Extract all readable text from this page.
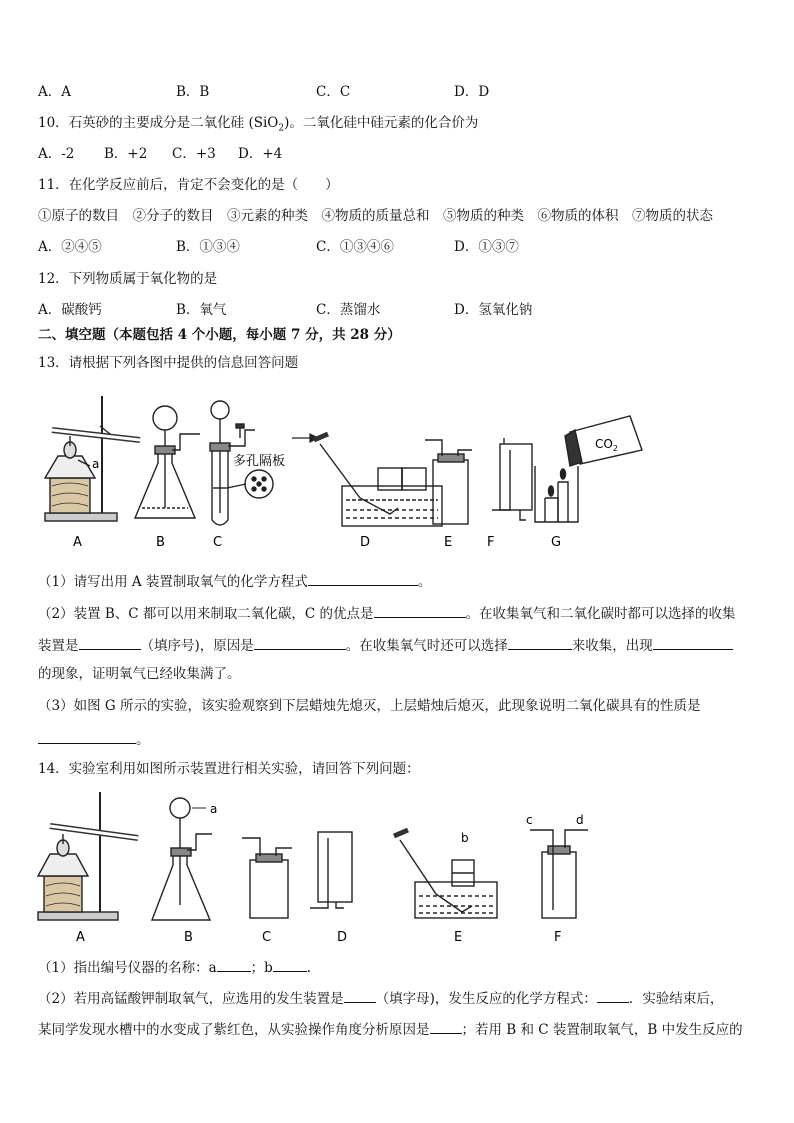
A．A	B．B	C．C	D．D
10．石英砂的主要成分是二氧化硅 (SiO$_2$)。二氧化硅中硅元素的化合价为
A．-2 B．+2 C．+3 D．+4
11．在化学反应前后，肯定不会变化的是（　　）
①原子的数目　②分子的数目　③元素的种类　④物质的质量总和　⑤物质的种类　⑥物质的体积　⑦物质的状态
A．②④⑤	B．①③④	C．①③④⑥	D．①③⑦
12．下列物质属于氧化物的是
A．碳酸钙	B．氧气	C．蒸馏水	D．氢氧化钠
二、填空题（本题包括 4 个小题，每小题 7 分，共 28 分）
13．请根据下列各图中提供的信息回答问题
a	多孔隔板
$CO_2$
A	B	C	D	E	F	G
（1）请写出用 A 装置制取氧气的化学方程式	。
（2）装置 B、C 都可以用来制取二氧化碳，C 的优点是	。在收集氧气和二氧化碳时都可以选择的收集
装置是	（填序号)，原因是	。在收集氧气时还可以选择	来收集，出现
的现象，证明氧气已经收集满了。
（3）如图 G 所示的实验，该实验观察到下层蜡烛先熄灭，上层蜡烛后熄灭，此现象说明二氧化碳具有的性质是
。
14．实验室利用如图所示装置进行相关实验，请回答下列问题：
a
b
c	d
A	B	C	D	E	F
（1）指出编号仪器的名称：a	；b	.
（2）若用高锰酸钾制取氧气，应选用的发生装置是 （填字母)，发生反应的化学方程式： ．实验结束后，
某同学发现水槽中的水变成了紫红色，从实验操作角度分析原因是 ；若用 B 和 C 装置制取氧气，B 中发生反应的
